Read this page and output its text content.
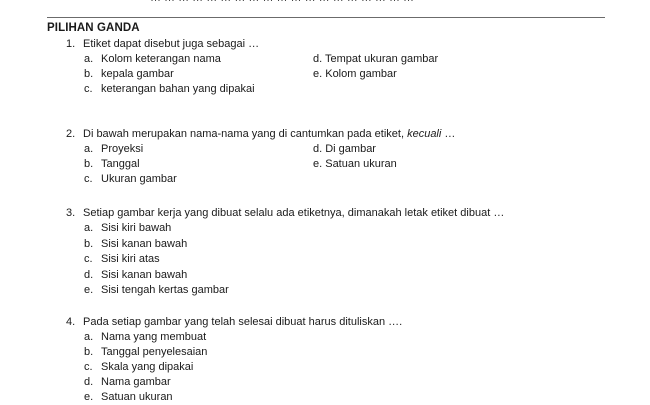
PILIHAN GANDA
1. Etiket dapat disebut juga sebagai …
a. Kolom keterangan nama
b. kepala gambar
c. keterangan bahan yang dipakai
d. Tempat ukuran gambar
e. Kolom gambar
2. Di bawah merupakan nama-nama yang di cantumkan pada etiket, kecuali …
a. Proyeksi
b. Tanggal
c. Ukuran gambar
d. Di gambar
e. Satuan ukuran
3. Setiap gambar kerja yang dibuat selalu ada etiketnya, dimanakah letak etiket dibuat …
a. Sisi kiri bawah
b. Sisi kanan bawah
c. Sisi kiri atas
d. Sisi kanan bawah
e. Sisi tengah kertas gambar
4. Pada setiap gambar yang telah selesai dibuat harus dituliskan ….
a. Nama yang membuat
b. Tanggal penyelesaian
c. Skala yang dipakai
d. Nama gambar
e. Satuan ukuran
